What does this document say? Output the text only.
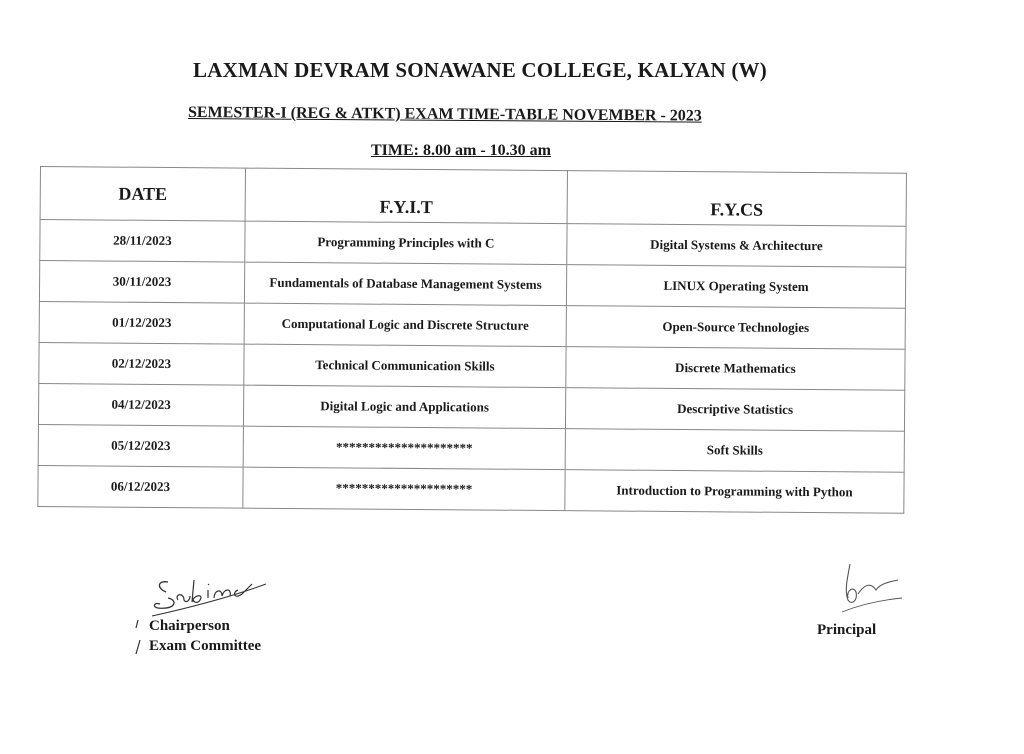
LAXMAN DEVRAM SONAWANE COLLEGE, KALYAN (W)
SEMESTER-I (REG & ATKT) EXAM TIME-TABLE NOVEMBER - 2023
TIME: 8.00 am - 10.30 am
DATE	F.Y.I.T	F.Y.CS
28/11/2023	Programming Principles with C	Digital Systems & Architecture
30/11/2023	Fundamentals of Database Management Systems	LINUX Operating System
01/12/2023	Computational Logic and Discrete Structure	Open-Source Technologies
02/12/2023	Technical Communication Skills	Discrete Mathematics
04/12/2023	Digital Logic and Applications	Descriptive Statistics
05/12/2023	*********************	Soft Skills
06/12/2023	*********************	Introduction to Programming with Python
Chairperson
Exam Committee
Principal
